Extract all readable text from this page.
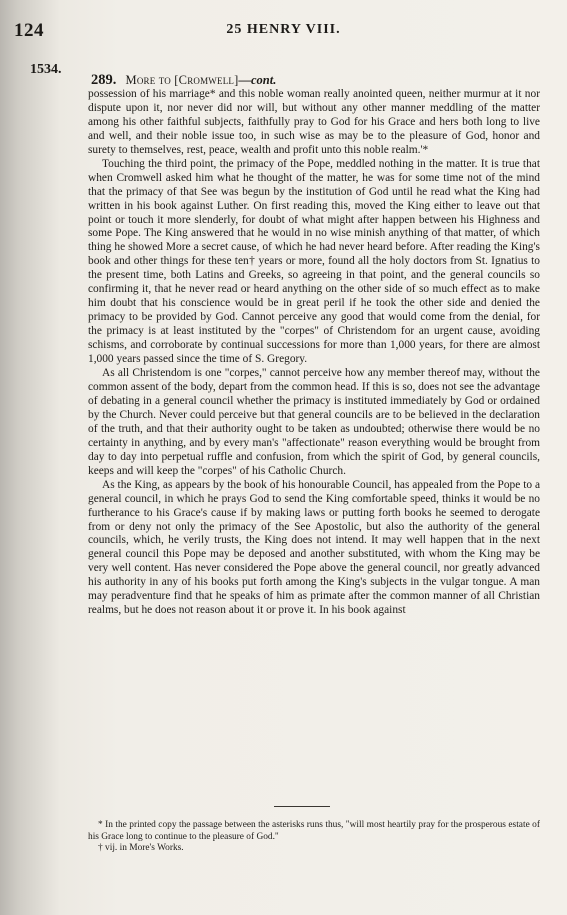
124	25 HENRY VIII.
1534.
289. More to [Cromwell]—cont.

possession of his marriage* and this noble woman really anointed queen, neither murmur at it nor dispute upon it, nor never did nor will, but without any other manner meddling of the matter among his other faithful subjects, faithfully pray to God for his Grace and hers both long to live and well, and their noble issue too, in such wise as may be to the pleasure of God, honor and surety to themselves, rest, peace, wealth and profit unto this noble realm.'*

Touching the third point, the primacy of the Pope, meddled nothing in the matter. It is true that when Cromwell asked him what he thought of the matter, he was for some time not of the mind that the primacy of that See was begun by the institution of God until he read what the King had written in his book against Luther. On first reading this, moved the King either to leave out that point or touch it more slenderly, for doubt of what might after happen between his Highness and some Pope. The King answered that he would in no wise minish anything of that matter, of which thing he showed More a secret cause, of which he had never heard before. After reading the King's book and other things for these ten† years or more, found all the holy doctors from St. Ignatius to the present time, both Latins and Greeks, so agreeing in that point, and the general councils so confirming it, that he never read or heard anything on the other side of so much effect as to make him doubt that his conscience would be in great peril if he took the other side and denied the primacy to be provided by God. Cannot perceive any good that would come from the denial, for the primacy is at least instituted by the "corpes" of Christendom for an urgent cause, avoiding schisms, and corroborate by continual successions for more than 1,000 years, for there are almost 1,000 years passed since the time of S. Gregory.

As all Christendom is one "corpes," cannot perceive how any member thereof may, without the common assent of the body, depart from the common head. If this is so, does not see the advantage of debating in a general council whether the primacy is instituted immediately by God or ordained by the Church. Never could perceive but that general councils are to be believed in the declaration of the truth, and that their authority ought to be taken as undoubted; otherwise there would be no certainty in anything, and by every man's "affectionate" reason everything would be brought from day to day into perpetual ruffle and confusion, from which the spirit of God, by general councils, keeps and will keep the "corpes" of his Catholic Church.

As the King, as appears by the book of his honourable Council, has appealed from the Pope to a general council, in which he prays God to send the King comfortable speed, thinks it would be no furtherance to his Grace's cause if by making laws or putting forth books he seemed to derogate from or deny not only the primacy of the See Apostolic, but also the authority of the general councils, which, he verily trusts, the King does not intend. It may well happen that in the next general council this Pope may be deposed and another substituted, with whom the King may be very well content. Has never considered the Pope above the general council, nor greatly advanced his authority in any of his books put forth among the King's subjects in the vulgar tongue. A man may peradventure find that he speaks of him as primate after the common manner of all Christian realms, but he does not reason about it or prove it. In his book against

* In the printed copy the passage between the asterisks runs thus, "will most heartily pray for the prosperous estate of his Grace long to continue to the pleasure of God."

† vij. in More's Works.
